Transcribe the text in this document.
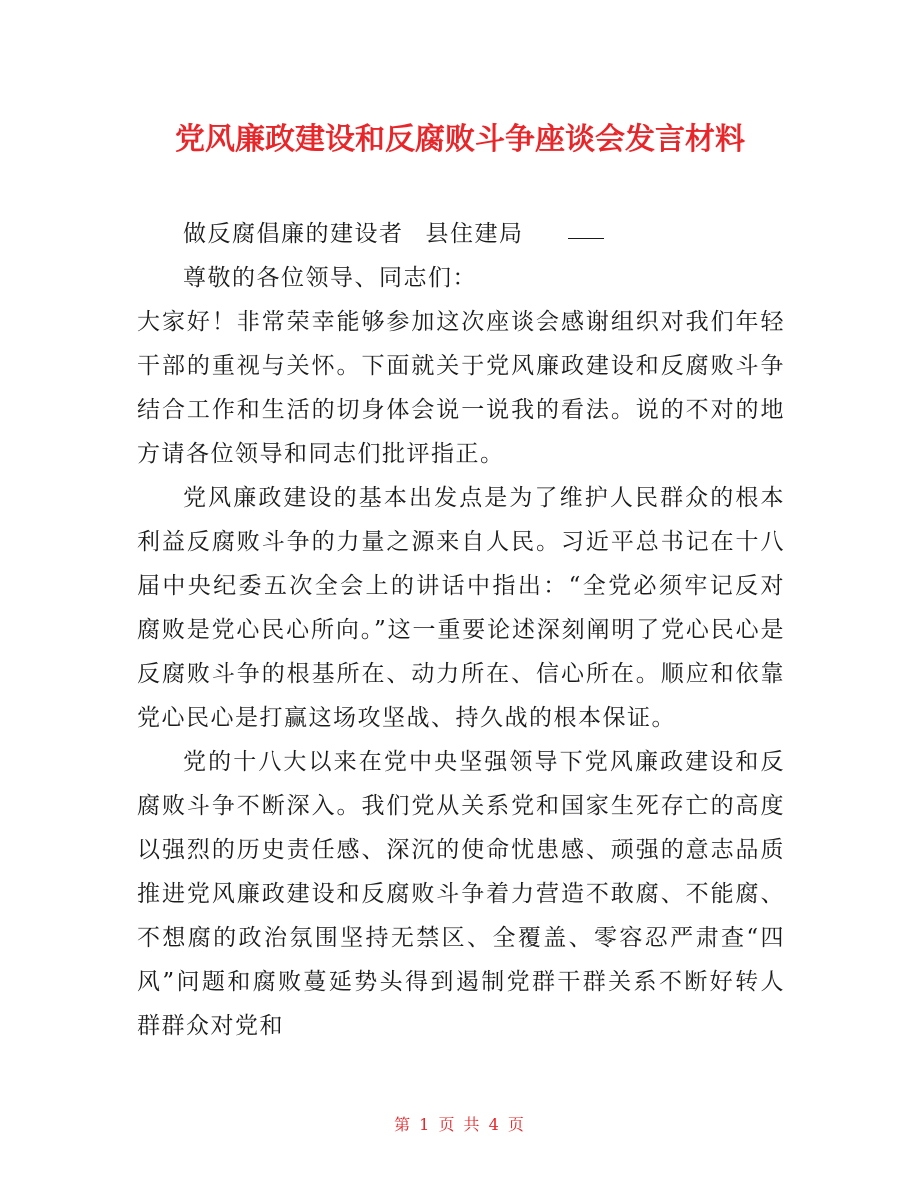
党风廉政建设和反腐败斗争座谈会发言材料
做反腐倡廉的建设者 县住建局
尊敬的各位领导、同志们：

大家好！非常荣幸能够参加这次座谈会感谢组织对我们年轻干部的重视与关怀。下面就关于党风廉政建设和反腐败斗争结合工作和生活的切身体会说一说我的看法。说的不对的地方请各位领导和同志们批评指正。

党风廉政建设的基本出发点是为了维护人民群众的根本利益反腐败斗争的力量之源来自人民。习近平总书记在十八届中央纪委五次全会上的讲话中指出：“全党必须牢记反对腐败是党心民心所向。”这一重要论述深刻阐明了党心民心是反腐败斗争的根基所在、动力所在、信心所在。顺应和依靠党心民心是打赢这场攻坚战、持久战的根本保证。

党的十八大以来在党中央坚强领导下党风廉政建设和反腐败斗争不断深入。我们党从关系党和国家生死存亡的高度以强烈的历史责任感、深沉的使命忧患感、顽强的意志品质推进党风廉政建设和反腐败斗争着力营造不敢腐、不能腐、不想腐的政治氛围坚持无禁区、全覆盖、零容忍严肃查“四风”问题和腐败蔓延势头得到遏制党群干群关系不断好转人群群众对党和

第 1 页 共 4 页
